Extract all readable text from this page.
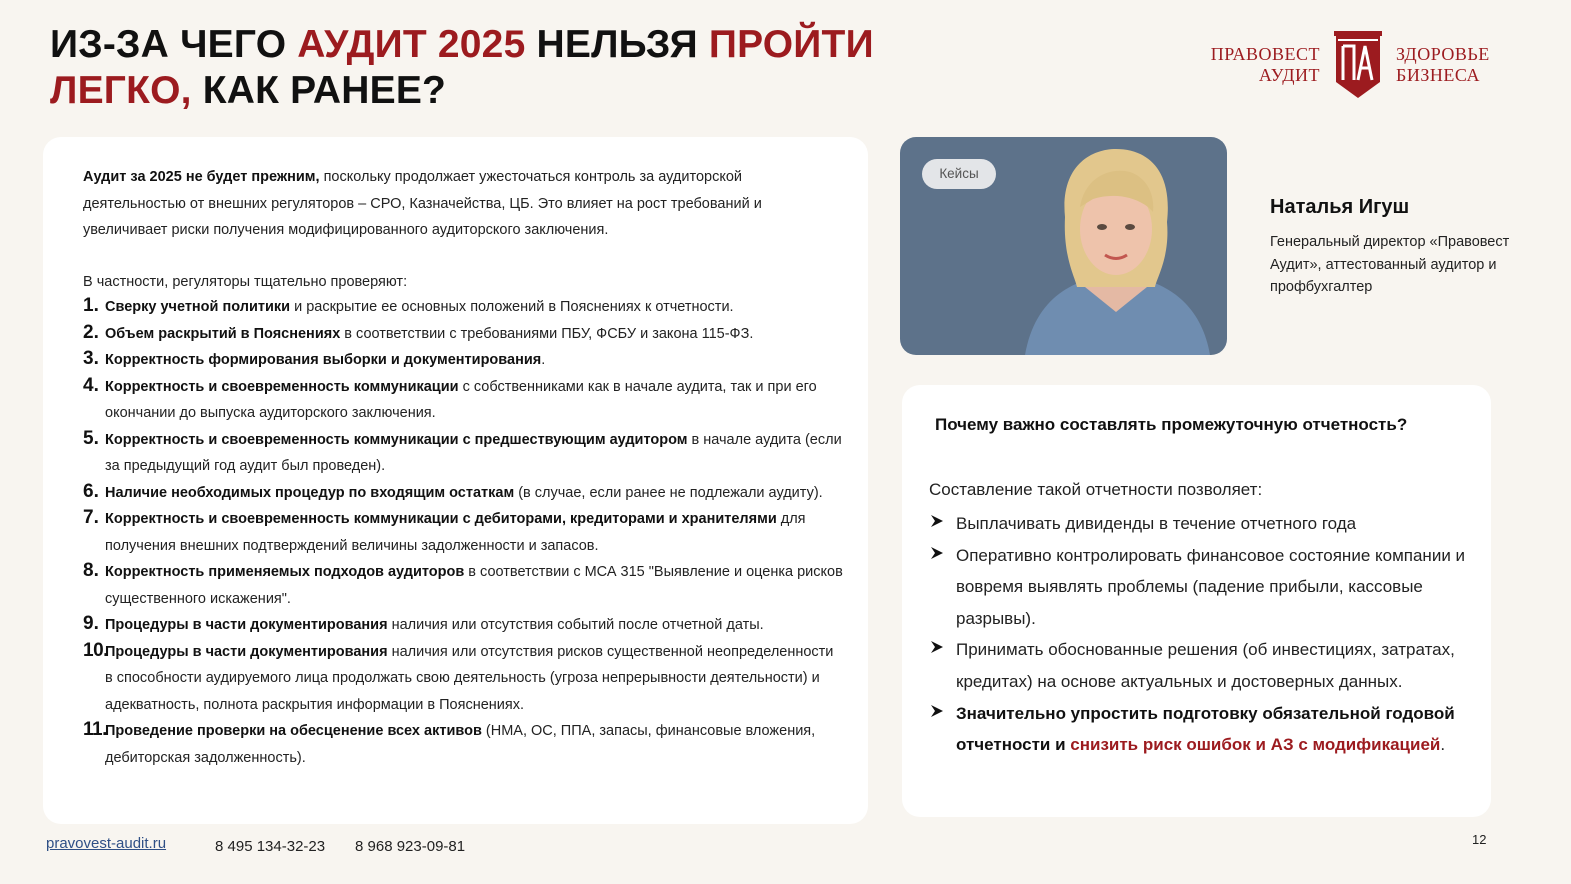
ИЗ-ЗА ЧЕГО АУДИТ 2025 НЕЛЬЗЯ ПРОЙТИ
ЛЕГКО, КАК РАНЕЕ?
ПРАВОВЕСТ
АУДИТ
ЗДОРОВЬЕ
БИЗНЕСА
Аудит за 2025 не будет прежним, поскольку продолжает ужесточаться контроль за аудиторской деятельностью от внешних регуляторов – СРО, Казначейства, ЦБ. Это влияет на рост требований и увеличивает риски получения модифицированного аудиторского заключения.
В частности, регуляторы тщательно проверяют:
1. Сверку учетной политики и раскрытие ее основных положений в Пояснениях к отчетности.
2. Объем раскрытий в Пояснениях в соответствии с требованиями ПБУ, ФСБУ и закона 115-ФЗ.
3. Корректность формирования выборки и документирования.
4. Корректность и своевременность коммуникации с собственниками как в начале аудита, так и при его окончании до выпуска аудиторского заключения.
5. Корректность и своевременность коммуникации с предшествующим аудитором в начале аудита (если за предыдущий год аудит был проведен).
6. Наличие необходимых процедур по входящим остаткам (в случае, если ранее не подлежали аудиту).
7. Корректность и своевременность коммуникации с дебиторами, кредиторами и хранителями для получения внешних подтверждений величины задолженности и запасов.
8. Корректность применяемых подходов аудиторов в соответствии с МСА 315 "Выявление и оценка рисков существенного искажения".
9. Процедуры в части документирования наличия или отсутствия событий после отчетной даты.
10.
Процедуры в части документирования наличия или отсутствия рисков существенной неопределенности в способности аудируемого лица продолжать свою деятельность (угроза непрерывности деятельности) и адекватность, полнота раскрытия информации в Пояснениях.
11.
Проведение проверки на обесценение всех активов (НМА, ОС, ППА, запасы, финансовые вложения, дебиторская задолженность).
Кейсы
Наталья Игуш
Генеральный директор «Правовест Аудит», аттестованный аудитор и профбухгалтер
Почему важно составлять промежуточную отчетность?
Составление такой отчетности позволяет:
Выплачивать дивиденды в течение отчетного года
Оперативно контролировать финансовое состояние компании и вовремя выявлять проблемы (падение прибыли, кассовые разрывы).
Принимать обоснованные решения (об инвестициях, затратах, кредитах) на основе актуальных и достоверных данных.
Значительно упростить подготовку обязательной годовой отчетности и снизить риск ошибок и АЗ с модификацией.
pravovest-audit.ru	8 495 134-32-23 8 968 923-09-81	12
